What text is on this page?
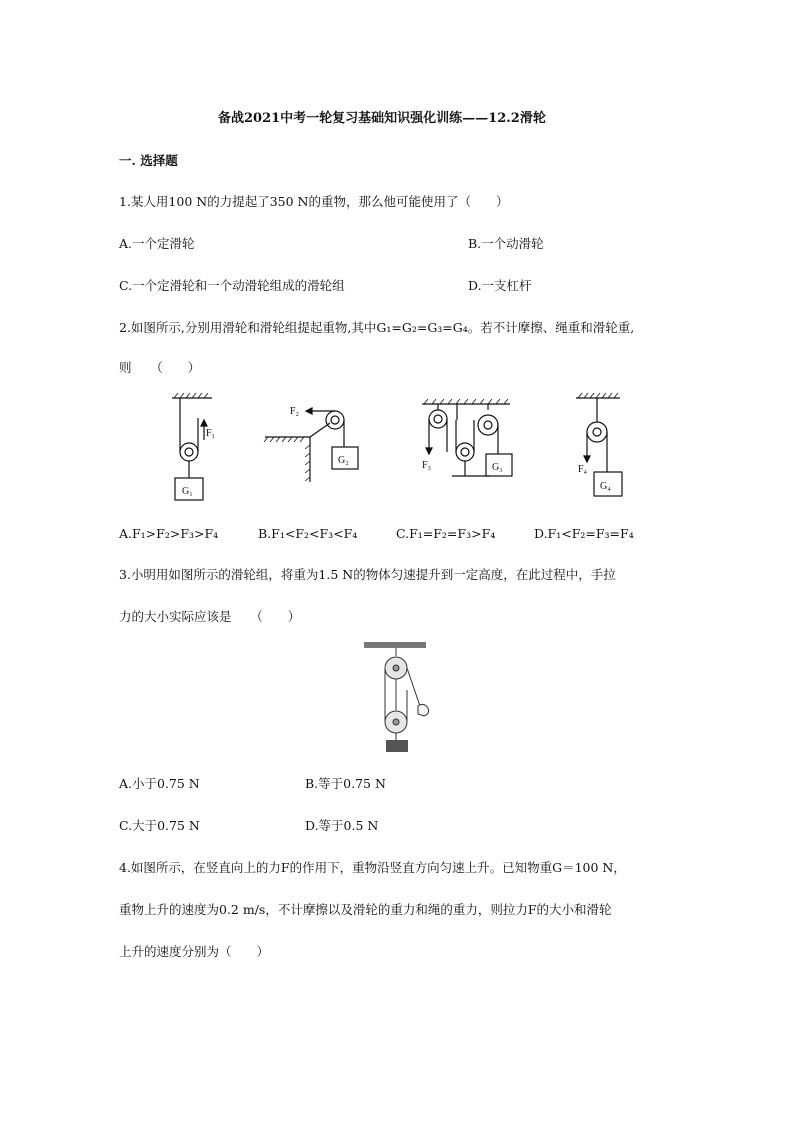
备战2021中考一轮复习基础知识强化训练——12.2滑轮
一. 选择题
1.某人用100 N的力提起了350 N的重物，那么他可能使用了（　　）
A.一个定滑轮	B.一个动滑轮
C.一个定滑轮和一个动滑轮组成的滑轮组	D.一支杠杆
2.如图所示,分别用滑轮和滑轮组提起重物,其中G₁=G₂=G₃=G₄。若不计摩擦、绳重和滑轮重,
则　　（　　）
F₁
G₁
F₂
G₂	F₃	G₃	F₄
G₄
A.F₁>F₂>F₃>F₄	B.F₁<F₂<F₃<F₄	C.F₁=F₂=F₃>F₄	D.F₁<F₂=F₃=F₄
3.小明用如图所示的滑轮组，将重为1.5 N的物体匀速提升到一定高度，在此过程中，手拉
力的大小实际应该是　　（　　）
A.小于0.75 N	B.等于0.75 N
C.大于0.75 N	D.等于0.5 N
4.如图所示，在竖直向上的力F的作用下，重物沿竖直方向匀速上升。已知物重G＝100 N，
重物上升的速度为0.2 m/s，不计摩擦以及滑轮的重力和绳的重力，则拉力F的大小和滑轮
上升的速度分别为（　　）
